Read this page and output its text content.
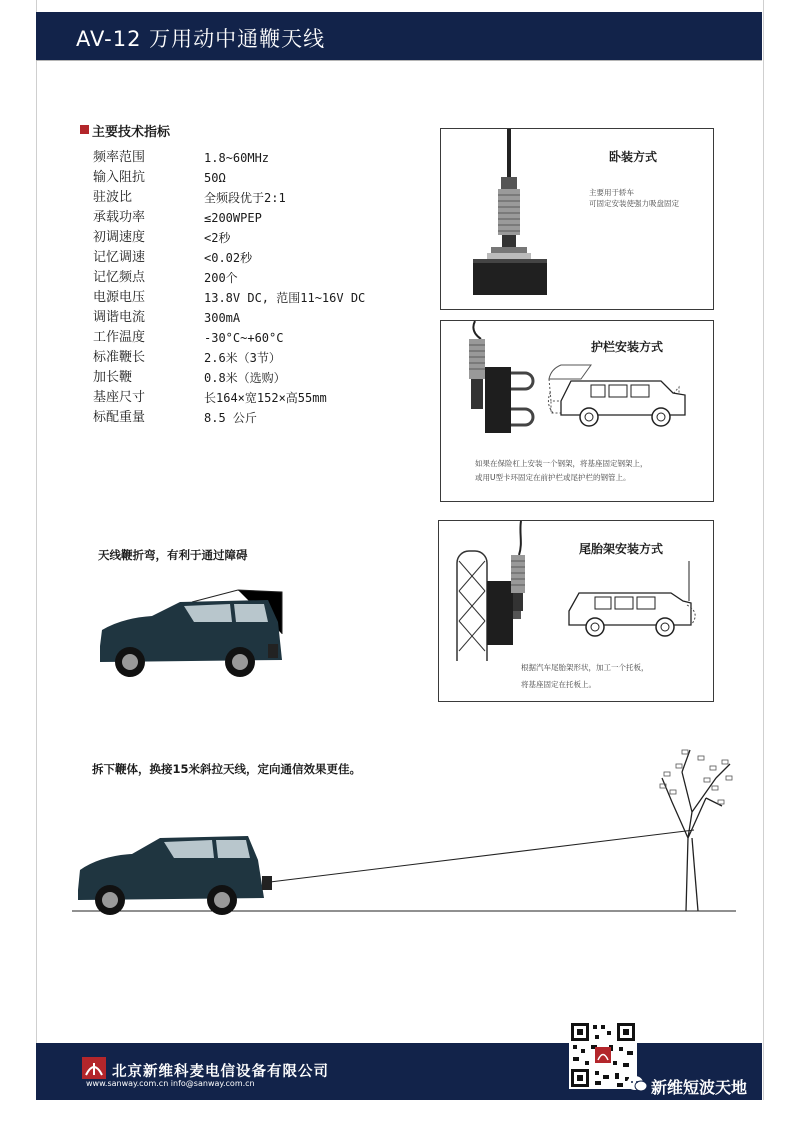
AV-12 万用动中通鞭天线
主要技术指标
频率范围	1.8~60MHz
输入阻抗	50Ω
驻波比	全频段优于2:1
承载功率	≤200WPEP
初调速度	<2秒
记忆调速	<0.02秒
记忆频点	200个
电源电压	13.8V DC, 范围11~16V DC
调谐电流	300mA
工作温度	-30°C~+60°C
标准鞭长	2.6米（3节）
加长鞭	0.8米（选购）
基座尺寸	长164×宽152×高55mm
标配重量	8.5 公斤
卧装方式
主要用于轿车
可固定安装使强力吸盘固定
护栏安装方式
如果在保险杠上安装一个钢架，将基座固定钢架上，
或用U型卡环固定在前护栏或尾护栏的钢管上。
尾胎架安装方式
根据汽车尾胎架形状，加工一个托板，
将基座固定在托板上。
天线鞭折弯，有利于通过障碍
拆下鞭体，换接15米斜拉天线，定向通信效果更佳。
北京新维科麦电信设备有限公司
www.sanway.com.cn info@sanway.com.cn	新维短波天地
